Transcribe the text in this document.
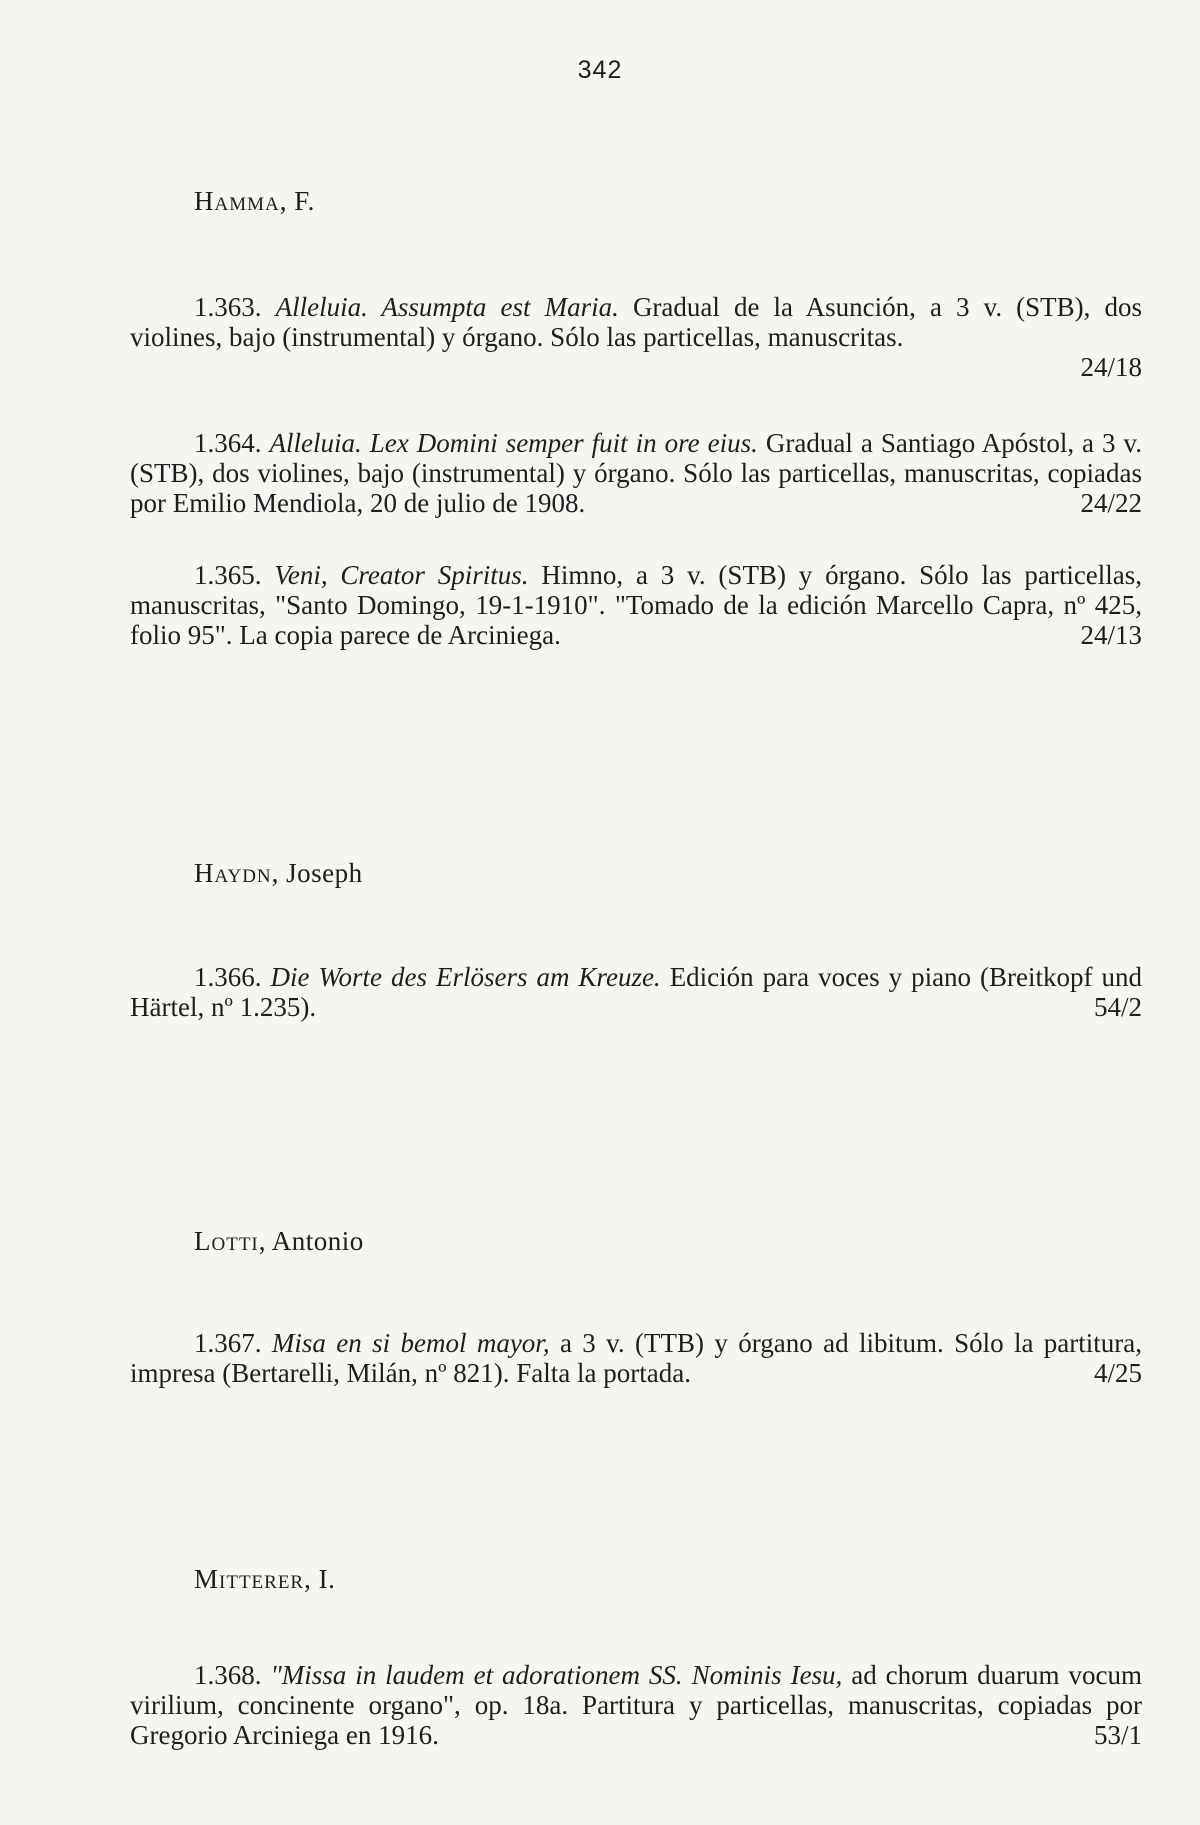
342
Hamma, F.
1.363. Alleluia. Assumpta est Maria. Gradual de la Asunción, a 3 v. (STB), dos violines, bajo (instrumental) y órgano. Sólo las particellas, manuscritas.
24/18
1.364. Alleluia. Lex Domini semper fuit in ore eius. Gradual a Santiago Apóstol, a 3 v. (STB), dos violines, bajo (instrumental) y órgano. Sólo las particellas, manuscritas, copiadas por Emilio Mendiola, 20 de julio de 1908.	24/22
1.365. Veni, Creator Spiritus. Himno, a 3 v. (STB) y órgano. Sólo las particellas, manuscritas, "Santo Domingo, 19-1-1910". "Tomado de la edición Marcello Capra, nº 425, folio 95". La copia parece de Arciniega.	24/13
Haydn, Joseph
1.366. Die Worte des Erlösers am Kreuze. Edición para voces y piano (Breitkopf und Härtel, nº 1.235).	54/2
Lotti, Antonio
1.367. Misa en si bemol mayor, a 3 v. (TTB) y órgano ad libitum. Sólo la partitura, impresa (Bertarelli, Milán, nº 821). Falta la portada.	4/25
Mitterer, I.
1.368. "Missa in laudem et adorationem SS. Nominis Iesu, ad chorum duarum vocum virilium, concinente organo", op. 18a. Partitura y particellas, manuscritas, copiadas por Gregorio Arciniega en 1916.	53/1
